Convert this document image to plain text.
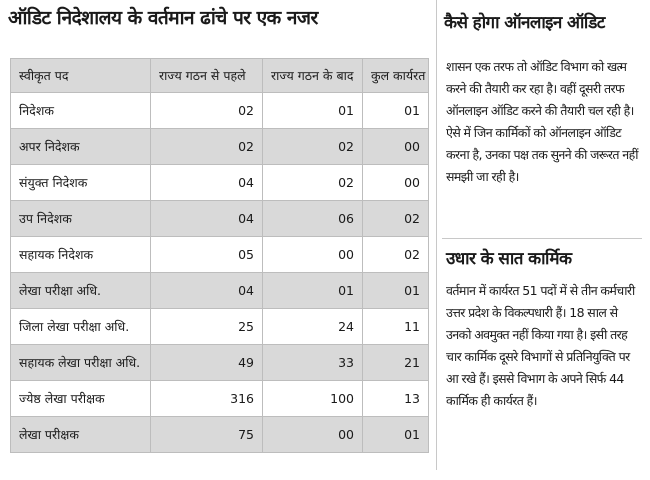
ऑडिट निदेशालय के वर्तमान ढांचे पर एक नजर
स्वीकृत पद	राज्य गठन से पहले	राज्य गठन के बाद	कुल कार्यरत
निदेशक	02	01	01
अपर निदेशक	02	02	00
संयुक्त निदेशक	04	02	00
उप निदेशक	04	06	02
सहायक निदेशक	05	00	02
लेखा परीक्षा अधि.	04	01	01
जिला लेखा परीक्षा अधि.	25	24	11
सहायक लेखा परीक्षा अधि.	49	33	21
ज्येष्ठ लेखा परीक्षक	316	100	13
लेखा परीक्षक	75	00	01
कैसे होगा ऑनलाइन ऑडिट
शासन एक तरफ तो ऑडिट विभाग को खत्म करने की तैयारी कर रहा है। वहीं दूसरी तरफ ऑनलाइन ऑडिट करने की तैयारी चल रही है। ऐसे में जिन कार्मिकों को ऑनलाइन ऑडिट करना है, उनका पक्ष तक सुनने की जरूरत नहीं समझी जा रही है।
उधार के सात कार्मिक
वर्तमान में कार्यरत 51 पदों में से तीन कर्मचारी उत्तर प्रदेश के विकल्पधारी हैं। 18 साल से उनको अवमुक्त नहीं किया गया है। इसी तरह चार कार्मिक दूसरे विभागों से प्रतिनियुक्ति पर आ रखे हैं। इससे विभाग के अपने सिर्फ 44 कार्मिक ही कार्यरत हैं।
